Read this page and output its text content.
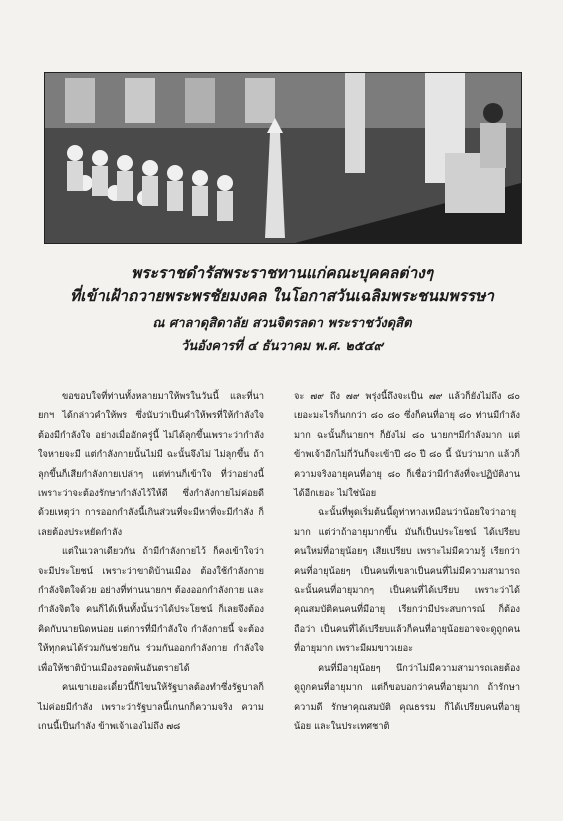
พระราชดำรัสพระราชทานแก่คณะบุคคลต่างๆ
ที่เข้าเฝ้าถวายพระพรชัยมงคล ในโอกาสวันเฉลิมพระชนมพรรษา
ณ ศาลาดุสิดาลัย สวนจิตรลดา พระราชวังดุสิต
วันอังคารที่ ๔ ธันวาคม พ.ศ. ๒๕๔๙

ขอขอบใจที่ท่านทั้งหลายมาให้พรในวันนี้ และที่นายกฯ ได้กล่าวคำให้พร ซึ่งนับว่าเป็นคำให้พรที่ให้กำลังใจ ต้องมีกำลังใจ อย่างเมื่ออักครู่นี้ ไม่ได้ลุกขึ้นเพราะว่ากำลังใจหายจะมี แต่กำลังกายนั้นไม่มี ฉะนั้นจึงไม่ ไม่ลุกขึ้น ถ้าลุกขึ้นก็เสียกำลังกายเปล่าๆ แต่ท่านก็เข้าใจ ที่ว่าอย่างนี้ เพราะว่าจะต้องรักษากำลังไว้ให้ดี ซึ่งกำลังกายไม่ค่อยดีด้วยเหตุว่า การออกกำลังนี้เกินส่วนที่จะมีหาที่จะมีกำลัง ก็เลยต้องประหยัดกำลัง

แต่ในเวลาเดียวกัน ถ้ามีกำลังกายไว้ ก็คงเข้าใจว่าจะมีประโยชน์ เพราะว่าขาดิบ้านเมือง ต้องใช้กำลังกาย กำลังจิตใจด้วย อย่างที่ท่านนายกฯ ต้องออกกำลังกาย และกำลังจิตใจ คนก็ได้เห็นทั้งนั้นว่าได้ประโยชน์ ก็เลยจึงต้องคิดกับนายนิดหน่อย แต่การที่มีกำลังใจ กำลังกายนี้ จะต้องให้ทุกคนได้ร่วมกันช่วยกัน ร่วมกันออกกำลังกาย กำลังใจ เพื่อให้ชาติบ้านเมืองรอดพ้นอันตรายได้

คนเขาเยอะเดี๋ยวนี้ก็ไขนให้รัฐบาลต้องทำซึ่งรัฐบาลก็ไม่ค่อยมีกำลัง เพราะว่ารัฐบาลนี้เกนกก็ความจริง ความเกนนี้เป็นกำลัง ข้าพเจ้าเองไม่ถึง ๗๘

จะ ๗๙ ถึง ๗๙ พรุ่งนี้ถึงจะเป็น ๗๙ แล้วก็ยังไม่ถึง ๘๐ เยอะมะไรก็นกกว่า ๘๐ ๘๐ ซึ่งก็คนที่อายุ ๘๐ ท่านมีกำลังมาก ฉะนั้นก็นายกฯ ก็ยังไม่ ๘๐ นายกฯมีกำลังมาก แต่ข้าพเจ้าอีกไม่กี่วันก็จะเข้าปี ๘๐ ปี ๘๐ นี้ นับว่ามาก แล้วก็ความจริงอายุคนที่อายุ ๘๐ ก็เชื่อว่ามีกำลังที่จะปฏิบัติงานได้อีกเยอะ ไม่ใช่น้อย

ฉะนั้นที่พูดเริ่มต้นนี้ดูท่าทางเหมือนว่าน้อยใจว่าอายุมาก แต่ว่าถ้าอายุมากขึ้น มันก็เป็นประโยชน์ ได้เปรียบ คนใหม่ที่อายุน้อยๆ เสียเปรียบ เพราะไม่มีความรู้ เรียกว่าคนที่อายุน้อยๆ เป็นคนที่เขลาเป็นคนที่ไม่มีความสามารถ ฉะนั้นคนที่อายุมากๆ เป็นคนที่ได้เปรียบ เพราะว่าได้คุณสมบัติคนคนที่มีอายุ เรียกว่ามีประสบการณ์ ก็ต้องถือว่า เป็นคนที่ได้เปรียบแล้วก็คนที่อายุน้อยอาจจะดูถูกคนที่อายุมาก เพราะมีผมขาวเยอะ

คนที่มีอายุน้อยๆ นึกว่าไม่มีความสามารถเลยต้องดูถูกคนที่อายุมาก แต่ก็ขอบอกว่าคนที่อายุมาก ถ้ารักษาความดี รักษาคุณสมบัติ คุณธรรม ก็ได้เปรียบคนที่อายุน้อย และในประเทศชาติ
